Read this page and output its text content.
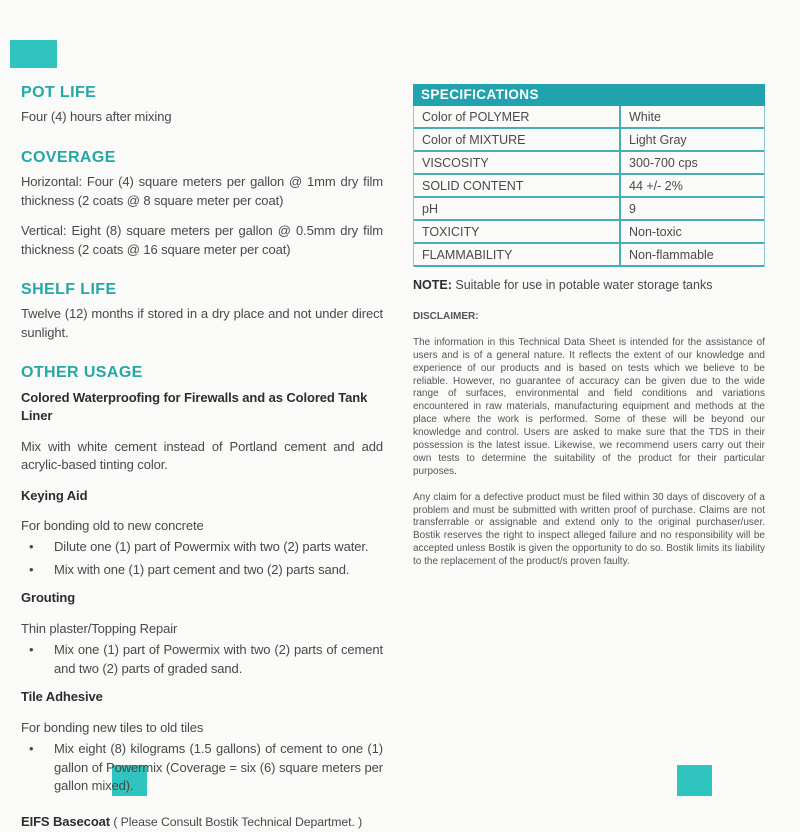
POT LIFE

Four (4) hours after mixing

COVERAGE

Horizontal: Four (4) square meters per gallon @ 1mm dry film thickness (2 coats @ 8 square meter per coat)

Vertical: Eight (8) square meters per gallon @ 0.5mm dry film thickness (2 coats @ 16 square meter per coat)

SHELF LIFE

Twelve (12) months if stored in a dry place and not under direct sunlight.

OTHER USAGE

Colored Waterproofing for Firewalls and as Colored Tank Liner

Mix with white cement instead of Portland cement and add acrylic-based tinting color.

Keying Aid

For bonding old to new concrete

• Dilute one (1) part of Powermix with two (2) parts water.
• Mix with one (1) part cement and two (2) parts sand.

Grouting

Thin plaster/Topping Repair

• Mix one (1) part of Powermix with two (2) parts of cement and two (2) parts of graded sand.

Tile Adhesive

For bonding new tiles to old tiles

• Mix eight (8) kilograms (1.5 gallons) of cement to one (1) gallon of Powermix (Coverage = six (6) square meters per gallon mixed).
EIFS Basecoat ( Please Consult Bostik Technical Departmet. )
SPECIFICATIONS
Color of POLYMER	White
Color of MIXTURE	Light Gray
VISCOSITY	300-700 cps
SOLID CONTENT	44 +/- 2%
pH	9
TOXICITY	Non-toxic
FLAMMABILITY	Non-flammable
NOTE: Suitable for use in potable water storage tanks

DISCLAIMER:

The information in this Technical Data Sheet is intended for the assistance of users and is of a general nature. It reflects the extent of our knowledge and experience of our products and is based on tests which we believe to be reliable. However, no guarantee of accuracy can be given due to the wide range of surfaces, environmental and field conditions and variations encountered in raw materials, manufacturing equipment and methods at the place where the work is performed. Some of these will be beyond our knowledge and control. Users are asked to make sure that the TDS in their possession is the latest issue. Likewise, we recommend users carry out their own tests to determine the suitability of the product for their particular purposes.

Any claim for a defective product must be filed within 30 days of discovery of a problem and must be submitted with written proof of purchase. Claims are not transferrable or assignable and extend only to the original purchaser/user. Bostik reserves the right to inspect alleged failure and no responsibility will be accepted unless Bostik is given the opportunity to do so. Bostik limits its liability to the replacement of the product/s proven faulty.
